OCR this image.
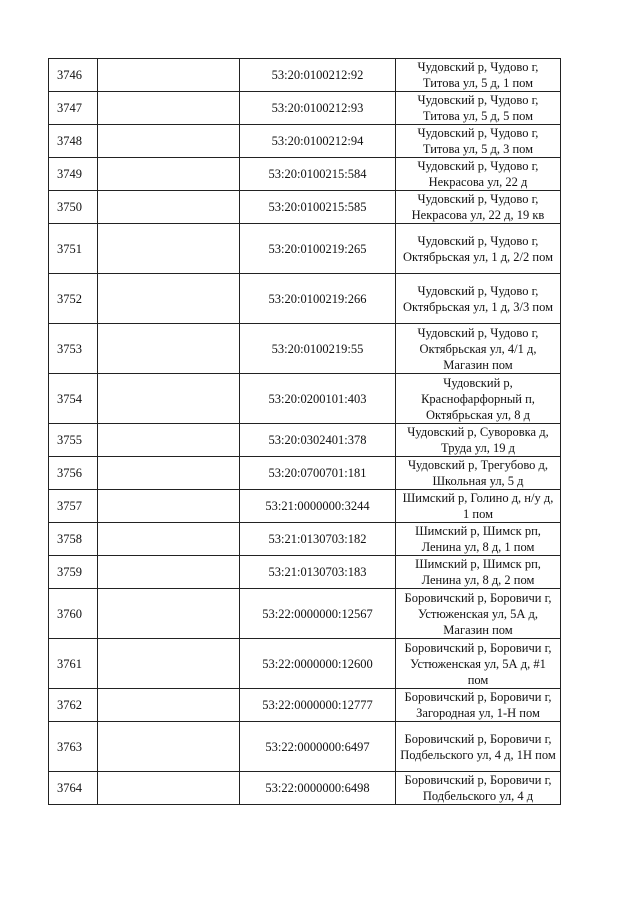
3746		53:20:0100212:92	Чудовский р, Чудово г,
Титова ул, 5 д, 1 пом

3747		53:20:0100212:93	Чудовский р, Чудово г,
Титова ул, 5 д, 5 пом

3748		53:20:0100212:94	Чудовский р, Чудово г,
Титова ул, 5 д, 3 пом

3749		53:20:0100215:584	Чудовский р, Чудово г,
Некрасова ул, 22 д

3750		53:20:0100215:585	Чудовский р, Чудово г,
Некрасова ул, 22 д, 19 кв

3751		53:20:0100219:265	Чудовский р, Чудово г,
Октябрьская ул, 1 д, 2/2 пом

3752		53:20:0100219:266	Чудовский р, Чудово г,
Октябрьская ул, 1 д, 3/3 пом

3753		53:20:0100219:55	Чудовский р, Чудово г,
Октябрьская ул, 4/1 д,
Магазин пом

3754		53:20:0200101:403	Чудовский р,
Краснофарфорный п,
Октябрьская ул, 8 д

3755		53:20:0302401:378	Чудовский р, Суворовка д,
Труда ул, 19 д

3756		53:20:0700701:181	Чудовский р, Трегубово д,
Школьная ул, 5 д

3757		53:21:0000000:3244	Шимский р, Голино д, н/у д,
1 пом

3758		53:21:0130703:182	Шимский р, Шимск рп,
Ленина ул, 8 д, 1 пом

3759		53:21:0130703:183	Шимский р, Шимск рп,
Ленина ул, 8 д, 2 пом

3760		53:22:0000000:12567	Боровичский р, Боровичи г,
Устюженская ул, 5А д,
Магазин пом

3761		53:22:0000000:12600	Боровичский р, Боровичи г,
Устюженская ул, 5А д, #1
пом

3762		53:22:0000000:12777	Боровичский р, Боровичи г,
Загородная ул, 1-Н пом

3763		53:22:0000000:6497	Боровичский р, Боровичи г,
Подбельского ул, 4 д, 1Н пом

3764		53:22:0000000:6498	Боровичский р, Боровичи г,
Подбельского ул, 4 д
